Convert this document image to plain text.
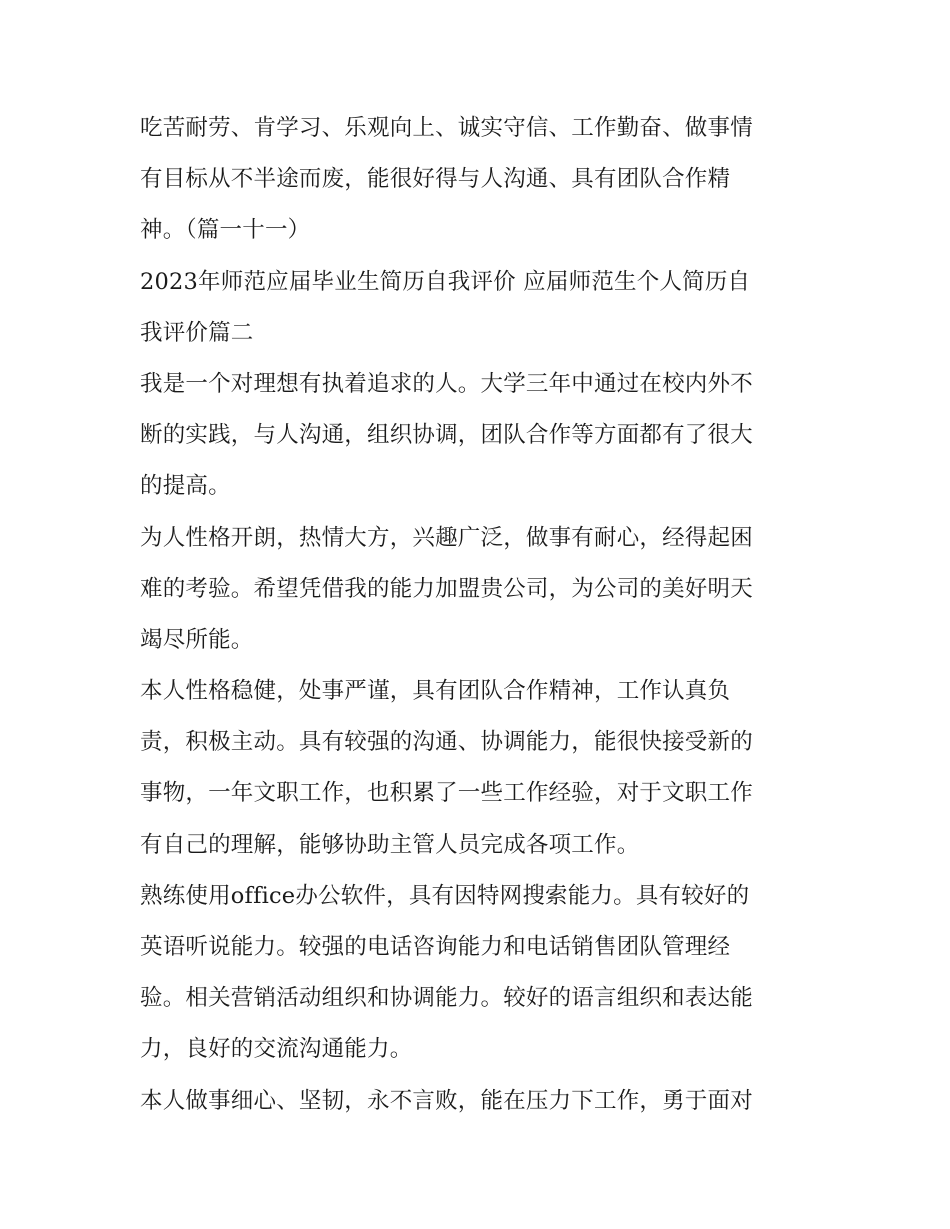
吃苦耐劳、肯学习、乐观向上、诚实守信、工作勤奋、做事情
有目标从不半途而废，能很好得与人沟通、具有团队合作精
神。（篇一十一）
2023年师范应届毕业生简历自我评价 应届师范生个人简历自
我评价篇二
我是一个对理想有执着追求的人。大学三年中通过在校内外不
断的实践，与人沟通，组织协调，团队合作等方面都有了很大
的提高。
为人性格开朗，热情大方，兴趣广泛，做事有耐心，经得起困
难的考验。希望凭借我的能力加盟贵公司，为公司的美好明天
竭尽所能。
本人性格稳健，处事严谨，具有团队合作精神，工作认真负
责，积极主动。具有较强的沟通、协调能力，能很快接受新的
事物，一年文职工作，也积累了一些工作经验，对于文职工作
有自己的理解，能够协助主管人员完成各项工作。
熟练使用office办公软件，具有因特网搜索能力。具有较好的
英语听说能力。较强的电话咨询能力和电话销售团队管理经
验。相关营销活动组织和协调能力。较好的语言组织和表达能
力，良好的交流沟通能力。
本人做事细心、坚韧，永不言败，能在压力下工作，勇于面对
